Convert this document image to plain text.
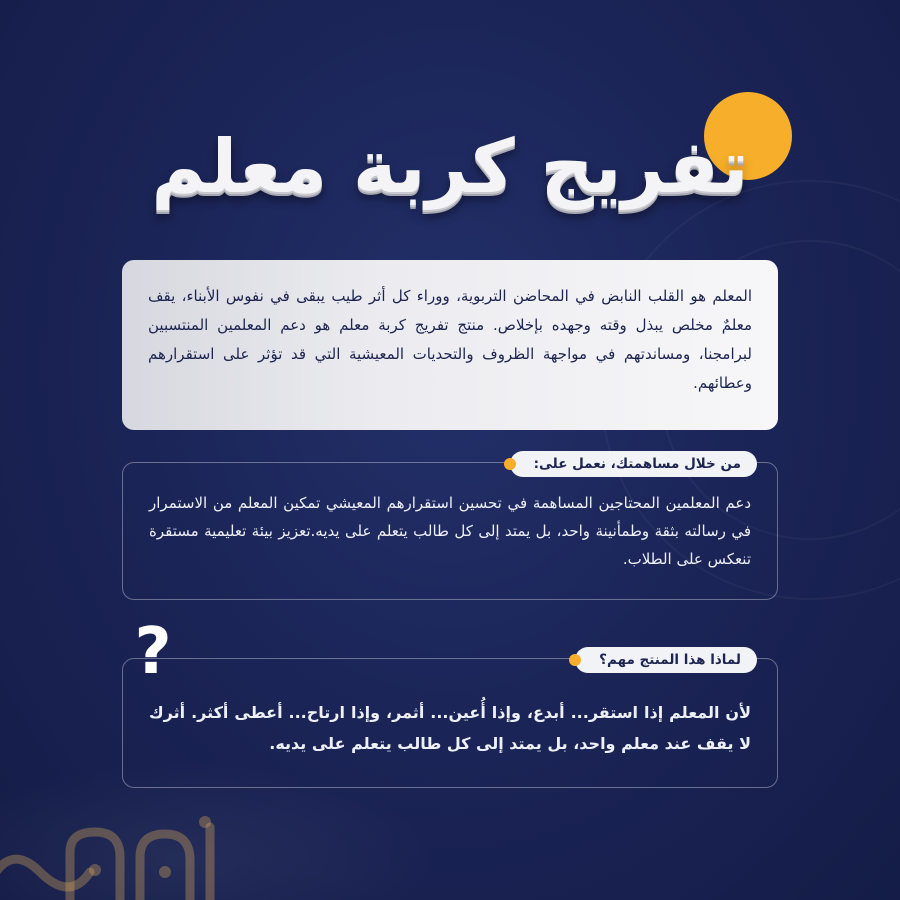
تفريج كربة معلم

المعلم هو القلب النابض في المحاضن التربوية، ووراء كل أثر طيب يبقى في نفوس الأبناء، يقف معلمٌ مخلص يبذل وقته وجهده بإخلاص. منتج تفريج كربة معلم هو دعم المعلمين المنتسبين لبرامجنا، ومساندتهم في مواجهة الظروف والتحديات المعيشية التي قد تؤثر على استقرارهم وعطائهم.

من خلال مساهمتك، نعمل على:

دعم المعلمين المحتاجين المساهمة في تحسين استقرارهم المعيشي تمكين المعلم من الاستمرار في رسالته بثقة وطمأنينة واحد، بل يمتد إلى كل طالب يتعلم على يديه.تعزيز بيئة تعليمية مستقرة تنعكس على الطلاب.

?	لماذا هذا المنتج مهم؟

لأن المعلم إذا استقر... أبدع، وإذا أُعين... أثمر، وإذا ارتاح... أعطى أكثر. أثرك لا يقف عند معلم واحد، بل يمتد إلى كل طالب يتعلم على يديه.
